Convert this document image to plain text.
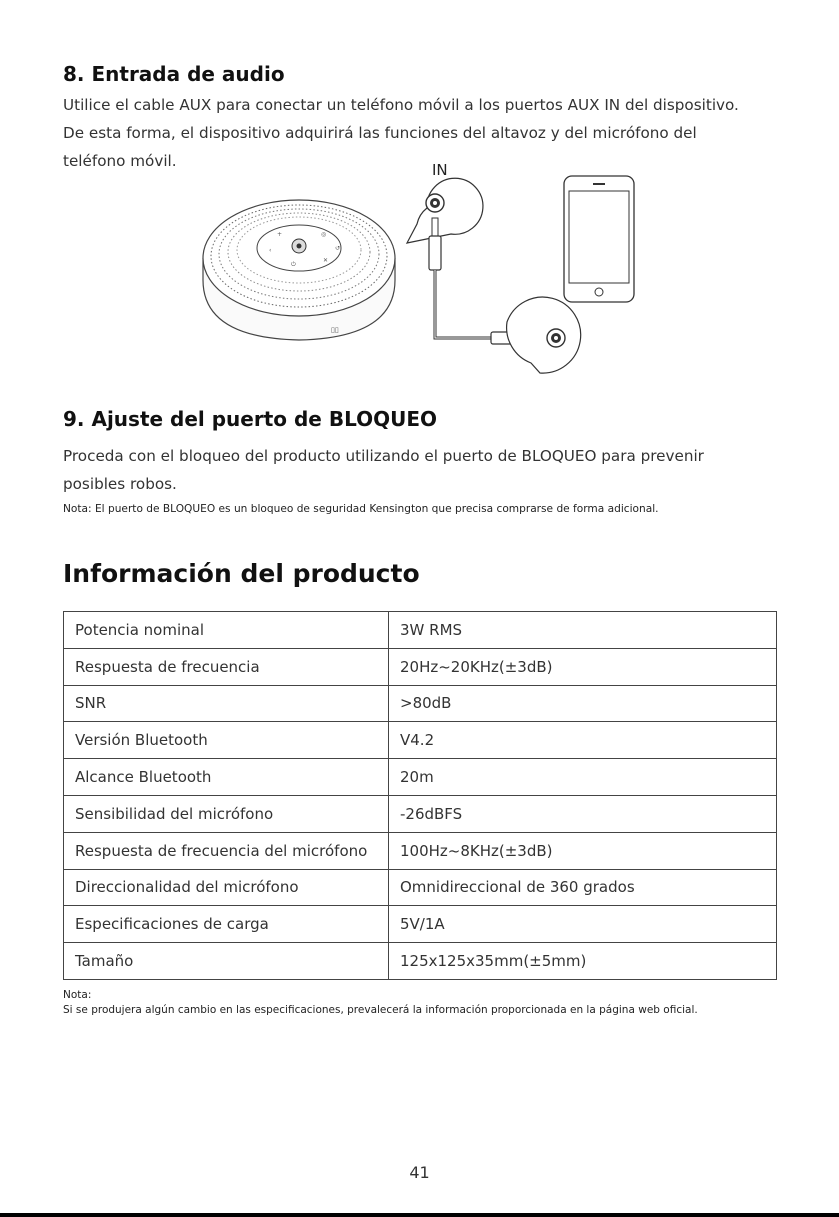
8. Entrada de audio
Utilice el cable AUX para conectar un teléfono móvil a los puertos AUX IN del dispositivo.
De esta forma, el dispositivo adquirirá las funciones del altavoz y del micrófono del
teléfono móvil.
◎
↺
✕
⏻
‹
+
▯▯
IN
9. Ajuste del puerto de BLOQUEO
Proceda con el bloqueo del producto utilizando el puerto de BLOQUEO para prevenir
posibles robos.

Nota: El puerto de BLOQUEO es un bloqueo de seguridad Kensington que precisa comprarse de forma adicional.

Información del producto
Potencia nominal	3W RMS
Respuesta de frecuencia	20Hz~20KHz(±3dB)
SNR	>80dB
Versión Bluetooth	V4.2
Alcance Bluetooth	20m
Sensibilidad del micrófono	-26dBFS
Respuesta de frecuencia del micrófono	100Hz~8KHz(±3dB)
Direccionalidad del micrófono	Omnidireccional de 360 grados
Especificaciones de carga	5V/1A
Tamaño	125x125x35mm(±5mm)
Nota:
Si se produjera algún cambio en las especificaciones, prevalecerá la información proporcionada en la página web oficial.
41
